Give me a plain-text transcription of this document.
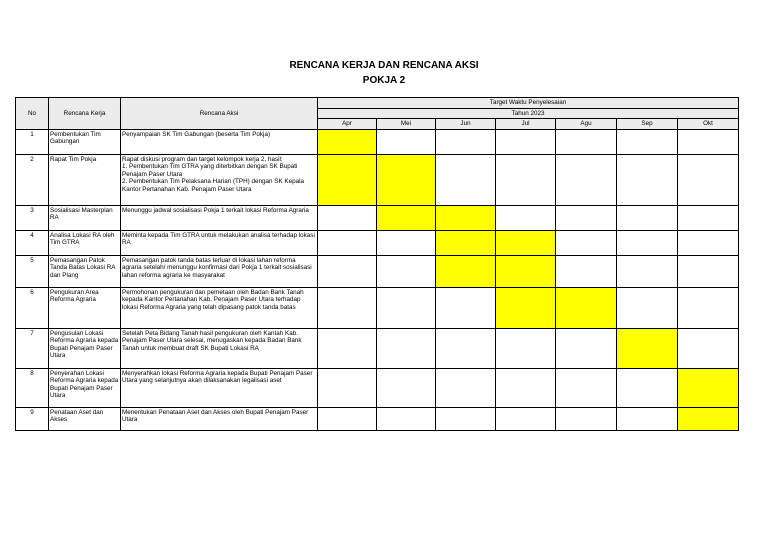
RENCANA KERJA DAN RENCANA AKSI
POKJA 2
No	Rencana Kerja	Rencana Aksi	Target Waktu Penyelesaian						
			Tahun 2023						
			Apr	Mei	Jun	Jul	Agu	Sep	Okt
1	Pembentukan Tim Gabungan	Penyampaian SK Tim Gabungan (beserta Tim Pokja)							
2	Rapat Tim Pokja	Rapat diskusi program dan target kelompok kerja 2, hasil:
1. Pembentukan Tim GTRA yang diterbitkan dengan SK Bupati Penajam Paser Utara
2. Pembentukan Tim Pelaksana Harian (TPH) dengan SK Kepala Kantor Pertanahan Kab. Penajam Paser Utara							
3	Sosialisasi Masterplan RA	Menunggu jadwal sosialisasi Pokja 1 terkait lokasi Reforma Agraria							
4	Analisa Lokasi RA oleh Tim GTRA	Meminta kepada Tim GTRA untuk melakukan analisa terhadap lokasi RA							
5	Pemasangan Patok Tanda Batas Lokasi RA dan Plang	Pemasangan patok tanda batas terluar di lokasi lahan reforma agraria setelah/ menunggu konfirmasi dari Pokja 1 terkait sosialisasi lahan reforma agraria ke masyarakat							
6	Pengukuran Area Reforma Agraria	Permohonan pengukuran dan pemetaan oleh Badan Bank Tanah kepada Kantor Pertanahan Kab. Penajam Paser Utara terhadap lokasi Reforma Agraria yang telah dipasang patok tanda batas							
7	Pengusulan Lokasi Reforma Agraria kepada Bupati Penajam Paser Utara	Setelah Peta Bidang Tanah hasil pengukuran oleh Kantah Kab. Penajam Paser Utara selesai, menugaskan kepada Badan Bank Tanah untuk membuat draft SK Bupati Lokasi RA							
8	Penyerahan Lokasi Reforma Agraria kepada Bupati Penajam Paser Utara	Menyerahkan lokasi Reforma Agraria kepada Bupati Penajam Paser Utara yang selanjutnya akan dilaksanakan legalisasi aset							
9	Penataan Aset dan Akses	Menentukan Penataan Aset dan Akses oleh Bupati Penajam Paser Utara							
